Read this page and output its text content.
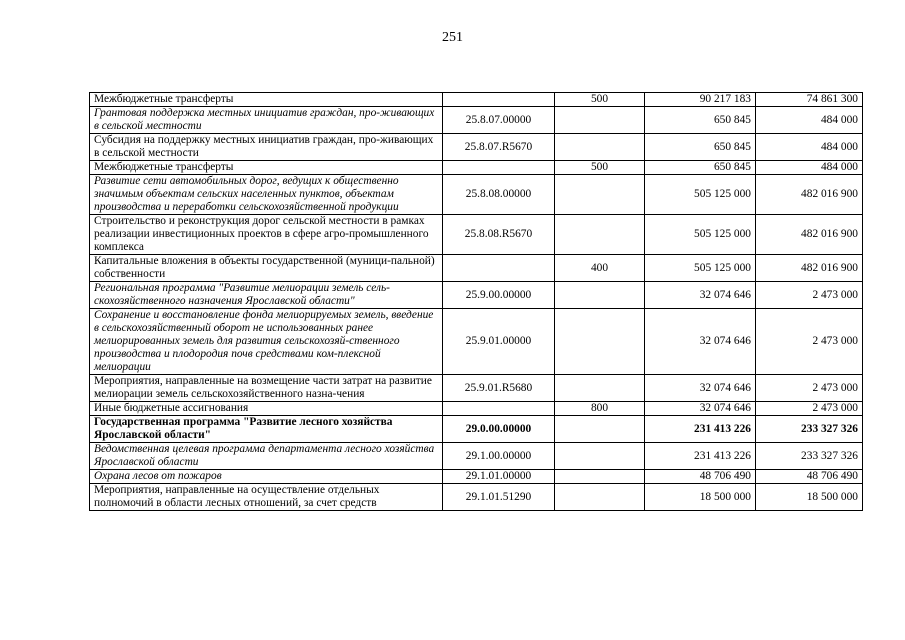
251
Межбюджетные трансферты		500	90 217 183	74 861 300
Грантовая поддержка местных инициатив граждан, про-живающих в сельской местности	25.8.07.00000		650 845	484 000
Субсидия на поддержку местных инициатив граждан, про-живающих в сельской местности	25.8.07.R5670		650 845	484 000
Межбюджетные трансферты		500	650 845	484 000
Развитие сети автомобильных дорог, ведущих к общественно значимым объектам сельских населенных пунктов, объектам производства и переработки сельскохозяйственной продукции	25.8.08.00000		505 125 000	482 016 900
Строительство и реконструкция дорог сельской местности в рамках реализации инвестиционных проектов в сфере агро-промышленного комплекса	25.8.08.R5670		505 125 000	482 016 900
Капитальные вложения в объекты государственной (муници-пальной) собственности		400	505 125 000	482 016 900
Региональная программа "Развитие мелиорации земель сель-скохозяйственного назначения Ярославской области"	25.9.00.00000		32 074 646	2 473 000
Сохранение и восстановление фонда мелиорируемых земель, введение в сельскохозяйственный оборот не использованных ранее мелиорированных земель для развития сельскохозяй-ственного производства и плодородия почв средствами ком-плексной мелиорации	25.9.01.00000		32 074 646	2 473 000
Мероприятия, направленные на возмещение части затрат на развитие мелиорации земель сельскохозяйственного назна-чения	25.9.01.R5680		32 074 646	2 473 000
Иные бюджетные ассигнования		800	32 074 646	2 473 000
Государственная программа "Развитие лесного хозяйства Ярославской области"	29.0.00.00000		231 413 226	233 327 326
Ведомственная целевая программа департамента лесного хозяйства Ярославской области	29.1.00.00000		231 413 226	233 327 326
Охрана лесов от пожаров	29.1.01.00000		48 706 490	48 706 490
Мероприятия, направленные на осуществление отдельных полномочий в области лесных отношений, за счет средств	29.1.01.51290		18 500 000	18 500 000
